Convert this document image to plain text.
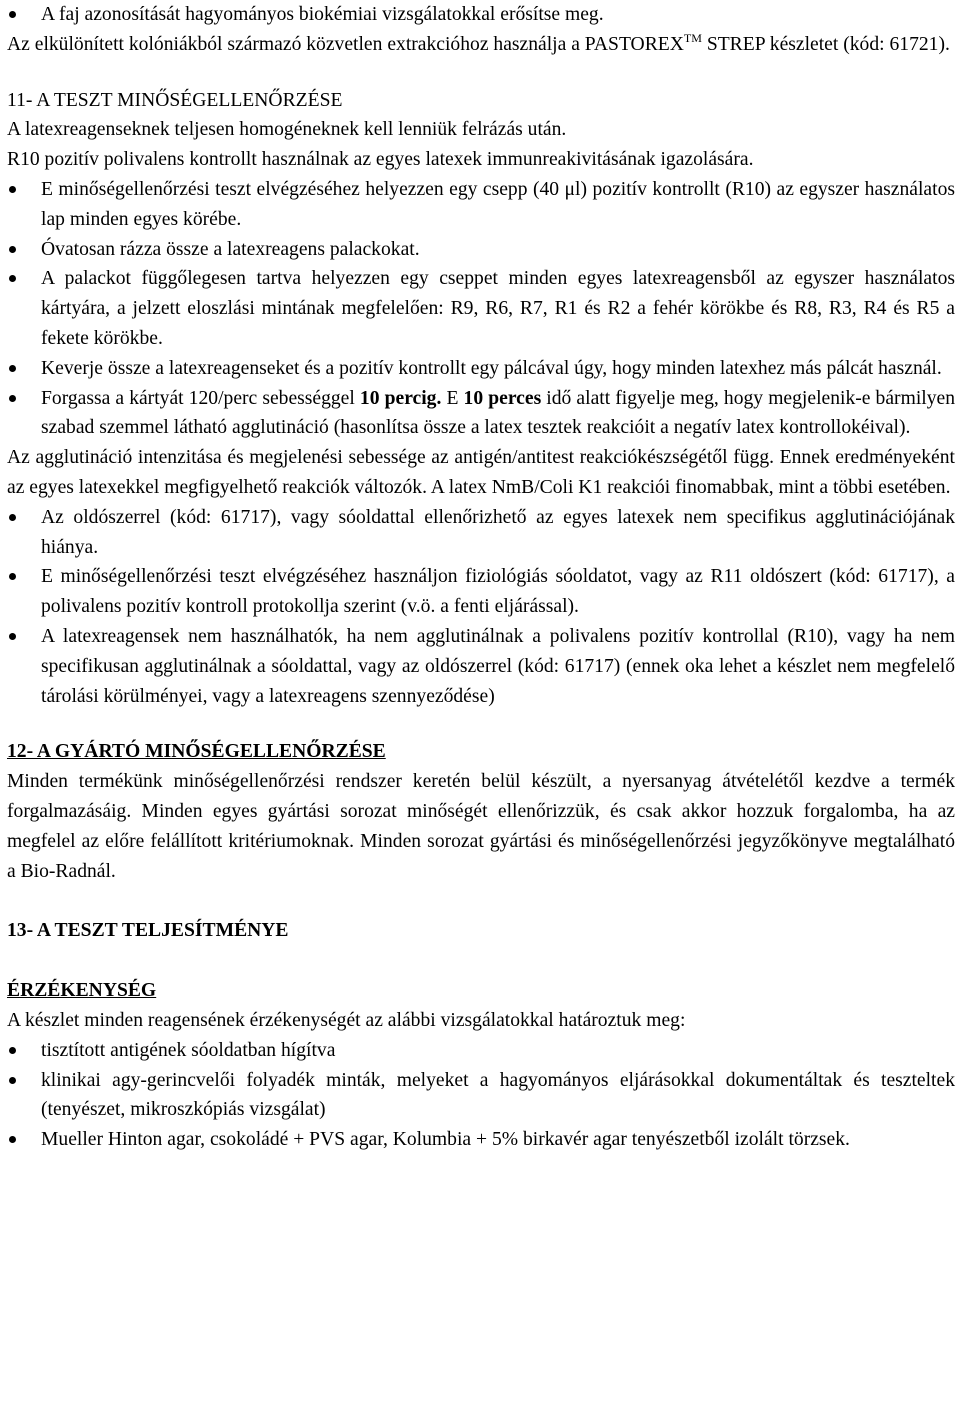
A faj azonosítását hagyományos biokémiai vizsgálatokkal erősítse meg.

Az elkülönített kolóniákból származó közvetlen extrakcióhoz használja a PASTOREX™ STREP készletet (kód: 61721).

11- A TESZT MINŐSÉGELLENŐRZÉSE

A latexreagenseknek teljesen homogéneknek kell lenniük felrázás után.

R10 pozitív polivalens kontrollt használnak az egyes latexek immunreakivitásának igazolására.

E minőségellenőrzési teszt elvégzéséhez helyezzen egy csepp (40 μl) pozitív kontrollt (R10) az egyszer használatos lap minden egyes körébe.
Óvatosan rázza össze a latexreagens palackokat.
A palackot függőlegesen tartva helyezzen egy cseppet minden egyes latexreagensből az egyszer használatos kártyára, a jelzett eloszlási mintának megfelelően: R9, R6, R7, R1 és R2 a fehér körökbe és R8, R3, R4 és R5 a fekete körökbe.
Keverje össze a latexreagenseket és a pozitív kontrollt egy pálcával úgy, hogy minden latexhez más pálcát használ.
Forgassa a kártyát 120/perc sebességgel 10 percig. E 10 perces idő alatt figyelje meg, hogy megjelenik-e bármilyen szabad szemmel látható agglutináció (hasonlítsa össze a latex tesztek reakcióit a negatív latex kontrollokéival).

Az agglutináció intenzitása és megjelenési sebessége az antigén/antitest reakciókészségétől függ. Ennek eredményeként az egyes latexekkel megfigyelhető reakciók változók. A latex NmB/Coli K1 reakciói finomabbak, mint a többi esetében.

Az oldószerrel (kód: 61717), vagy sóoldattal ellenőrizhető az egyes latexek nem specifikus agglutinációjának hiánya.
E minőségellenőrzési teszt elvégzéséhez használjon fiziológiás sóoldatot, vagy az R11 oldószert (kód: 61717), a polivalens pozitív kontroll protokollja szerint (v.ö. a fenti eljárással).
A latexreagensek nem használhatók, ha nem agglutinálnak a polivalens pozitív kontrollal (R10), vagy ha nem specifikusan agglutinálnak a sóoldattal, vagy az oldószerrel (kód: 61717) (ennek oka lehet a készlet nem megfelelő tárolási körülményei, vagy a latexreagens szennyeződése)

12- A GYÁRTÓ MINŐSÉGELLENŐRZÉSE

Minden termékünk minőségellenőrzési rendszer keretén belül készült, a nyersanyag átvételétől kezdve a termék forgalmazásáig. Minden egyes gyártási sorozat minőségét ellenőrizzük, és csak akkor hozzuk forgalomba, ha az megfelel az előre felállított kritériumoknak. Minden sorozat gyártási és minőségellenőrzési jegyzőkönyve megtalálható a Bio-Radnál.

13- A TESZT TELJESÍTMÉNYE

ÉRZÉKENYSÉG

A készlet minden reagensének érzékenységét az alábbi vizsgálatokkal határoztuk meg:

tisztított antigének sóoldatban hígítva
klinikai agy-gerincvelői folyadék minták, melyeket a hagyományos eljárásokkal dokumentáltak és teszteltek (tenyészet, mikroszkópiás vizsgálat)
Mueller Hinton agar, csokoládé + PVS agar, Kolumbia + 5% birkavér agar tenyészetből izolált törzsek.
